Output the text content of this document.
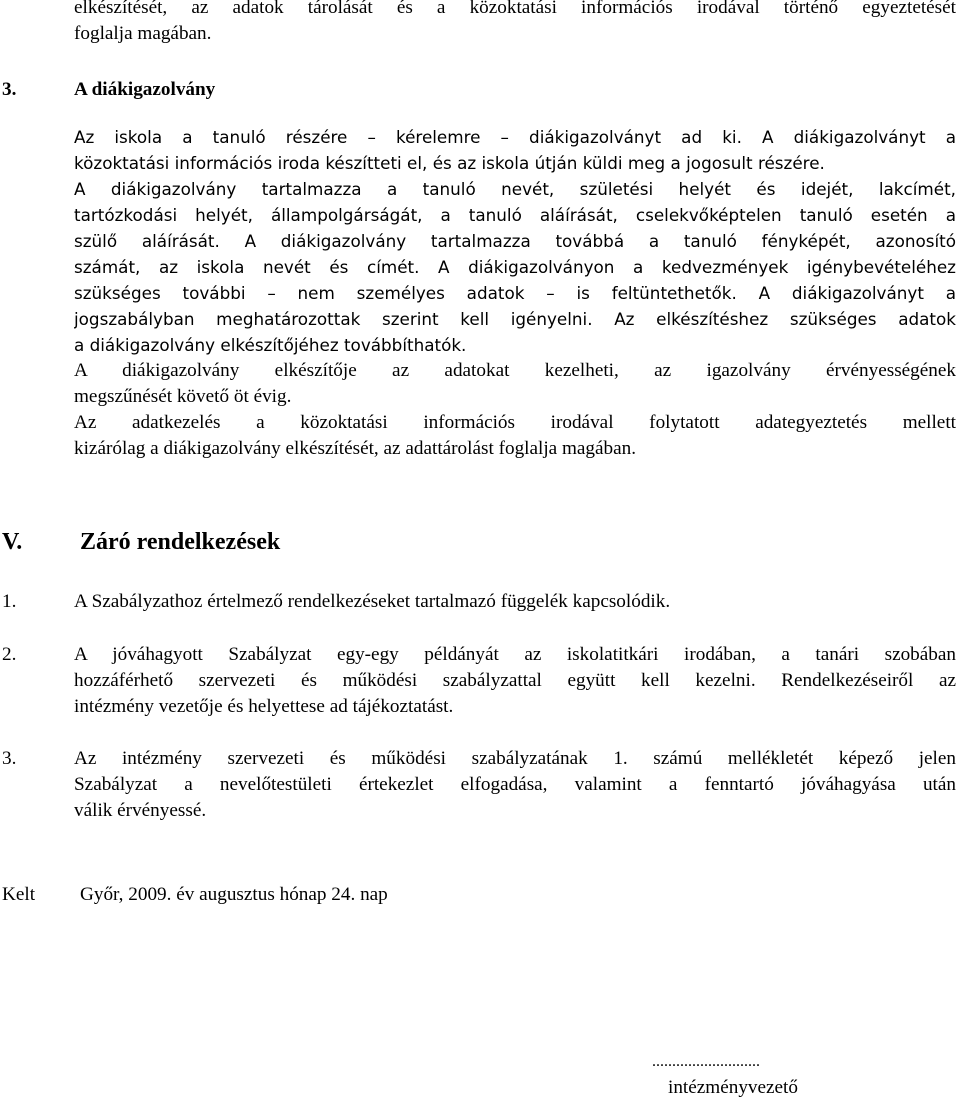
elkészítését, az adatok tárolását és a közoktatási információs irodával történő egyeztetését
foglalja magában.
3.	A diákigazolvány
Az iskola a tanuló részére – kérelemre – diákigazolványt ad ki. A diákigazolványt a
közoktatási információs iroda készítteti el, és az iskola útján küldi meg a jogosult részére.
A diákigazolvány tartalmazza a tanuló nevét, születési helyét és idejét, lakcímét,
tartózkodási helyét, állampolgárságát, a tanuló aláírását, cselekvőképtelen tanuló esetén a
szülő aláírását. A diákigazolvány tartalmazza továbbá a tanuló fényképét, azonosító
számát, az iskola nevét és címét. A diákigazolványon a kedvezmények igénybevételéhez
szükséges további – nem személyes adatok – is feltüntethetők. A diákigazolványt a
jogszabályban meghatározottak szerint kell igényelni. Az elkészítéshez szükséges adatok
a diákigazolvány elkészítőjéhez továbbíthatók.
A diákigazolvány elkészítője az adatokat kezelheti, az igazolvány érvényességének
megszűnését követő öt évig.
Az adatkezelés a közoktatási információs irodával folytatott adategyeztetés mellett
kizárólag a diákigazolvány elkészítését, az adattárolást foglalja magában.
V. Záró rendelkezések
1.	A Szabályzathoz értelmező rendelkezéseket tartalmazó függelék kapcsolódik.
2.	A jóváhagyott Szabályzat egy-egy példányát az iskolatitkári irodában, a tanári szobában
hozzáférhető szervezeti és működési szabályzattal együtt kell kezelni. Rendelkezéseiről az
intézmény vezetője és helyettese ad tájékoztatást.
3.	Az intézmény szervezeti és működési szabályzatának 1. számú mellékletét képező jelen
Szabályzat a nevelőtestületi értekezlet elfogadása, valamint a fenntartó jóváhagyása után
válik érvényessé.
Kelt Győr, 2009. év augusztus hónap 24. nap
...........................
intézményvezető
